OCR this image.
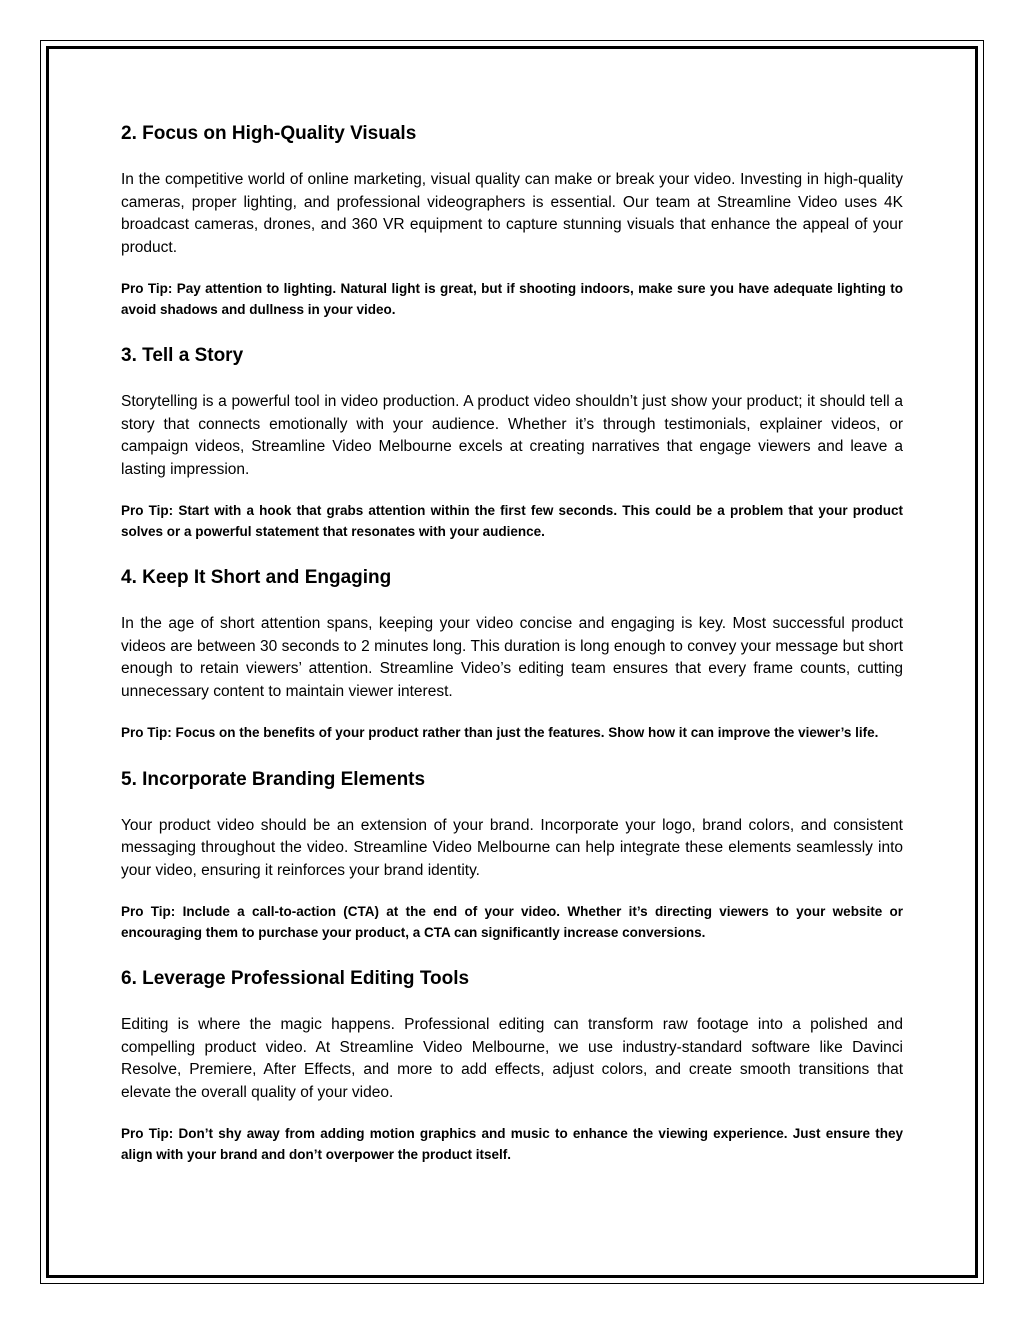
2. Focus on High-Quality Visuals

In the competitive world of online marketing, visual quality can make or break your video. Investing in high-quality cameras, proper lighting, and professional videographers is essential. Our team at Streamline Video uses 4K broadcast cameras, drones, and 360 VR equipment to capture stunning visuals that enhance the appeal of your product.

Pro Tip: Pay attention to lighting. Natural light is great, but if shooting indoors, make sure you have adequate lighting to avoid shadows and dullness in your video.

3. Tell a Story

Storytelling is a powerful tool in video production. A product video shouldn’t just show your product; it should tell a story that connects emotionally with your audience. Whether it’s through testimonials, explainer videos, or campaign videos, Streamline Video Melbourne excels at creating narratives that engage viewers and leave a lasting impression.

Pro Tip: Start with a hook that grabs attention within the first few seconds. This could be a problem that your product solves or a powerful statement that resonates with your audience.

4. Keep It Short and Engaging

In the age of short attention spans, keeping your video concise and engaging is key. Most successful product videos are between 30 seconds to 2 minutes long. This duration is long enough to convey your message but short enough to retain viewers’ attention. Streamline Video’s editing team ensures that every frame counts, cutting unnecessary content to maintain viewer interest.

Pro Tip: Focus on the benefits of your product rather than just the features. Show how it can improve the viewer’s life.

5. Incorporate Branding Elements

Your product video should be an extension of your brand. Incorporate your logo, brand colors, and consistent messaging throughout the video. Streamline Video Melbourne can help integrate these elements seamlessly into your video, ensuring it reinforces your brand identity.

Pro Tip: Include a call-to-action (CTA) at the end of your video. Whether it’s directing viewers to your website or encouraging them to purchase your product, a CTA can significantly increase conversions.

6. Leverage Professional Editing Tools

Editing is where the magic happens. Professional editing can transform raw footage into a polished and compelling product video. At Streamline Video Melbourne, we use industry-standard software like Davinci Resolve, Premiere, After Effects, and more to add effects, adjust colors, and create smooth transitions that elevate the overall quality of your video.

Pro Tip: Don’t shy away from adding motion graphics and music to enhance the viewing experience. Just ensure they align with your brand and don’t overpower the product itself.
